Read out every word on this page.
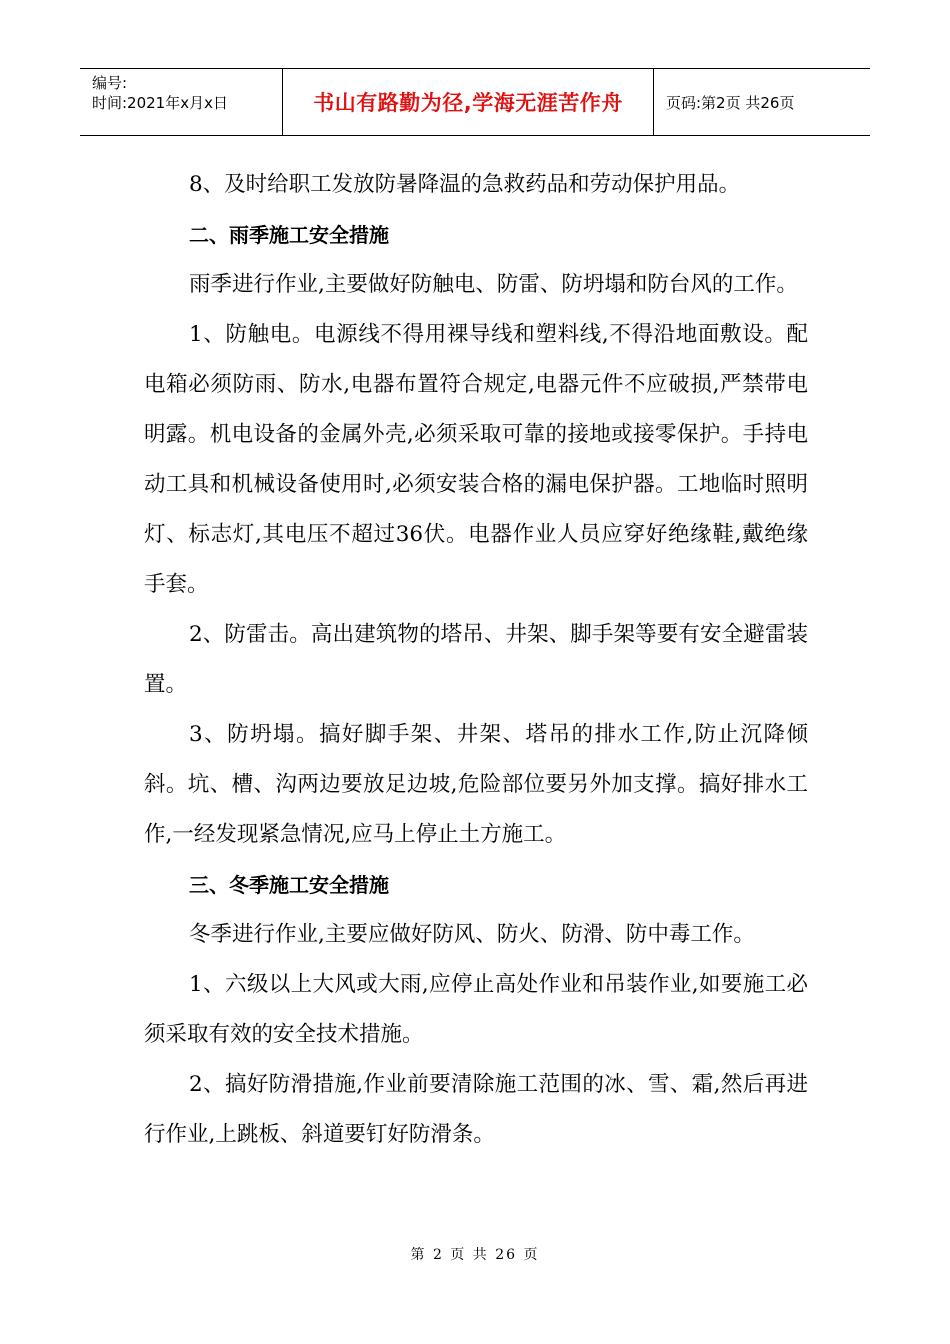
编号:
时间:2021年x月x日	书山有路勤为径,学海无涯苦作舟	页码:第2页 共26页

8、及时给职工发放防暑降温的急救药品和劳动保护用品。

二、雨季施工安全措施

雨季进行作业,主要做好防触电、防雷、防坍塌和防台风的工作。

1、防触电。电源线不得用裸导线和塑料线,不得沿地面敷设。配电箱必须防雨、防水,电器布置符合规定,电器元件不应破损,严禁带电明露。机电设备的金属外壳,必须采取可靠的接地或接零保护。手持电动工具和机械设备使用时,必须安装合格的漏电保护器。工地临时照明灯、标志灯,其电压不超过36伏。电器作业人员应穿好绝缘鞋,戴绝缘手套。

2、防雷击。高出建筑物的塔吊、井架、脚手架等要有安全避雷装置。

3、防坍塌。搞好脚手架、井架、塔吊的排水工作,防止沉降倾斜。坑、槽、沟两边要放足边坡,危险部位要另外加支撑。搞好排水工作,一经发现紧急情况,应马上停止土方施工。

三、冬季施工安全措施

冬季进行作业,主要应做好防风、防火、防滑、防中毒工作。

1、六级以上大风或大雨,应停止高处作业和吊装作业,如要施工必须采取有效的安全技术措施。

2、搞好防滑措施,作业前要清除施工范围的冰、雪、霜,然后再进行作业,上跳板、斜道要钉好防滑条。

第 2 页 共 26 页
